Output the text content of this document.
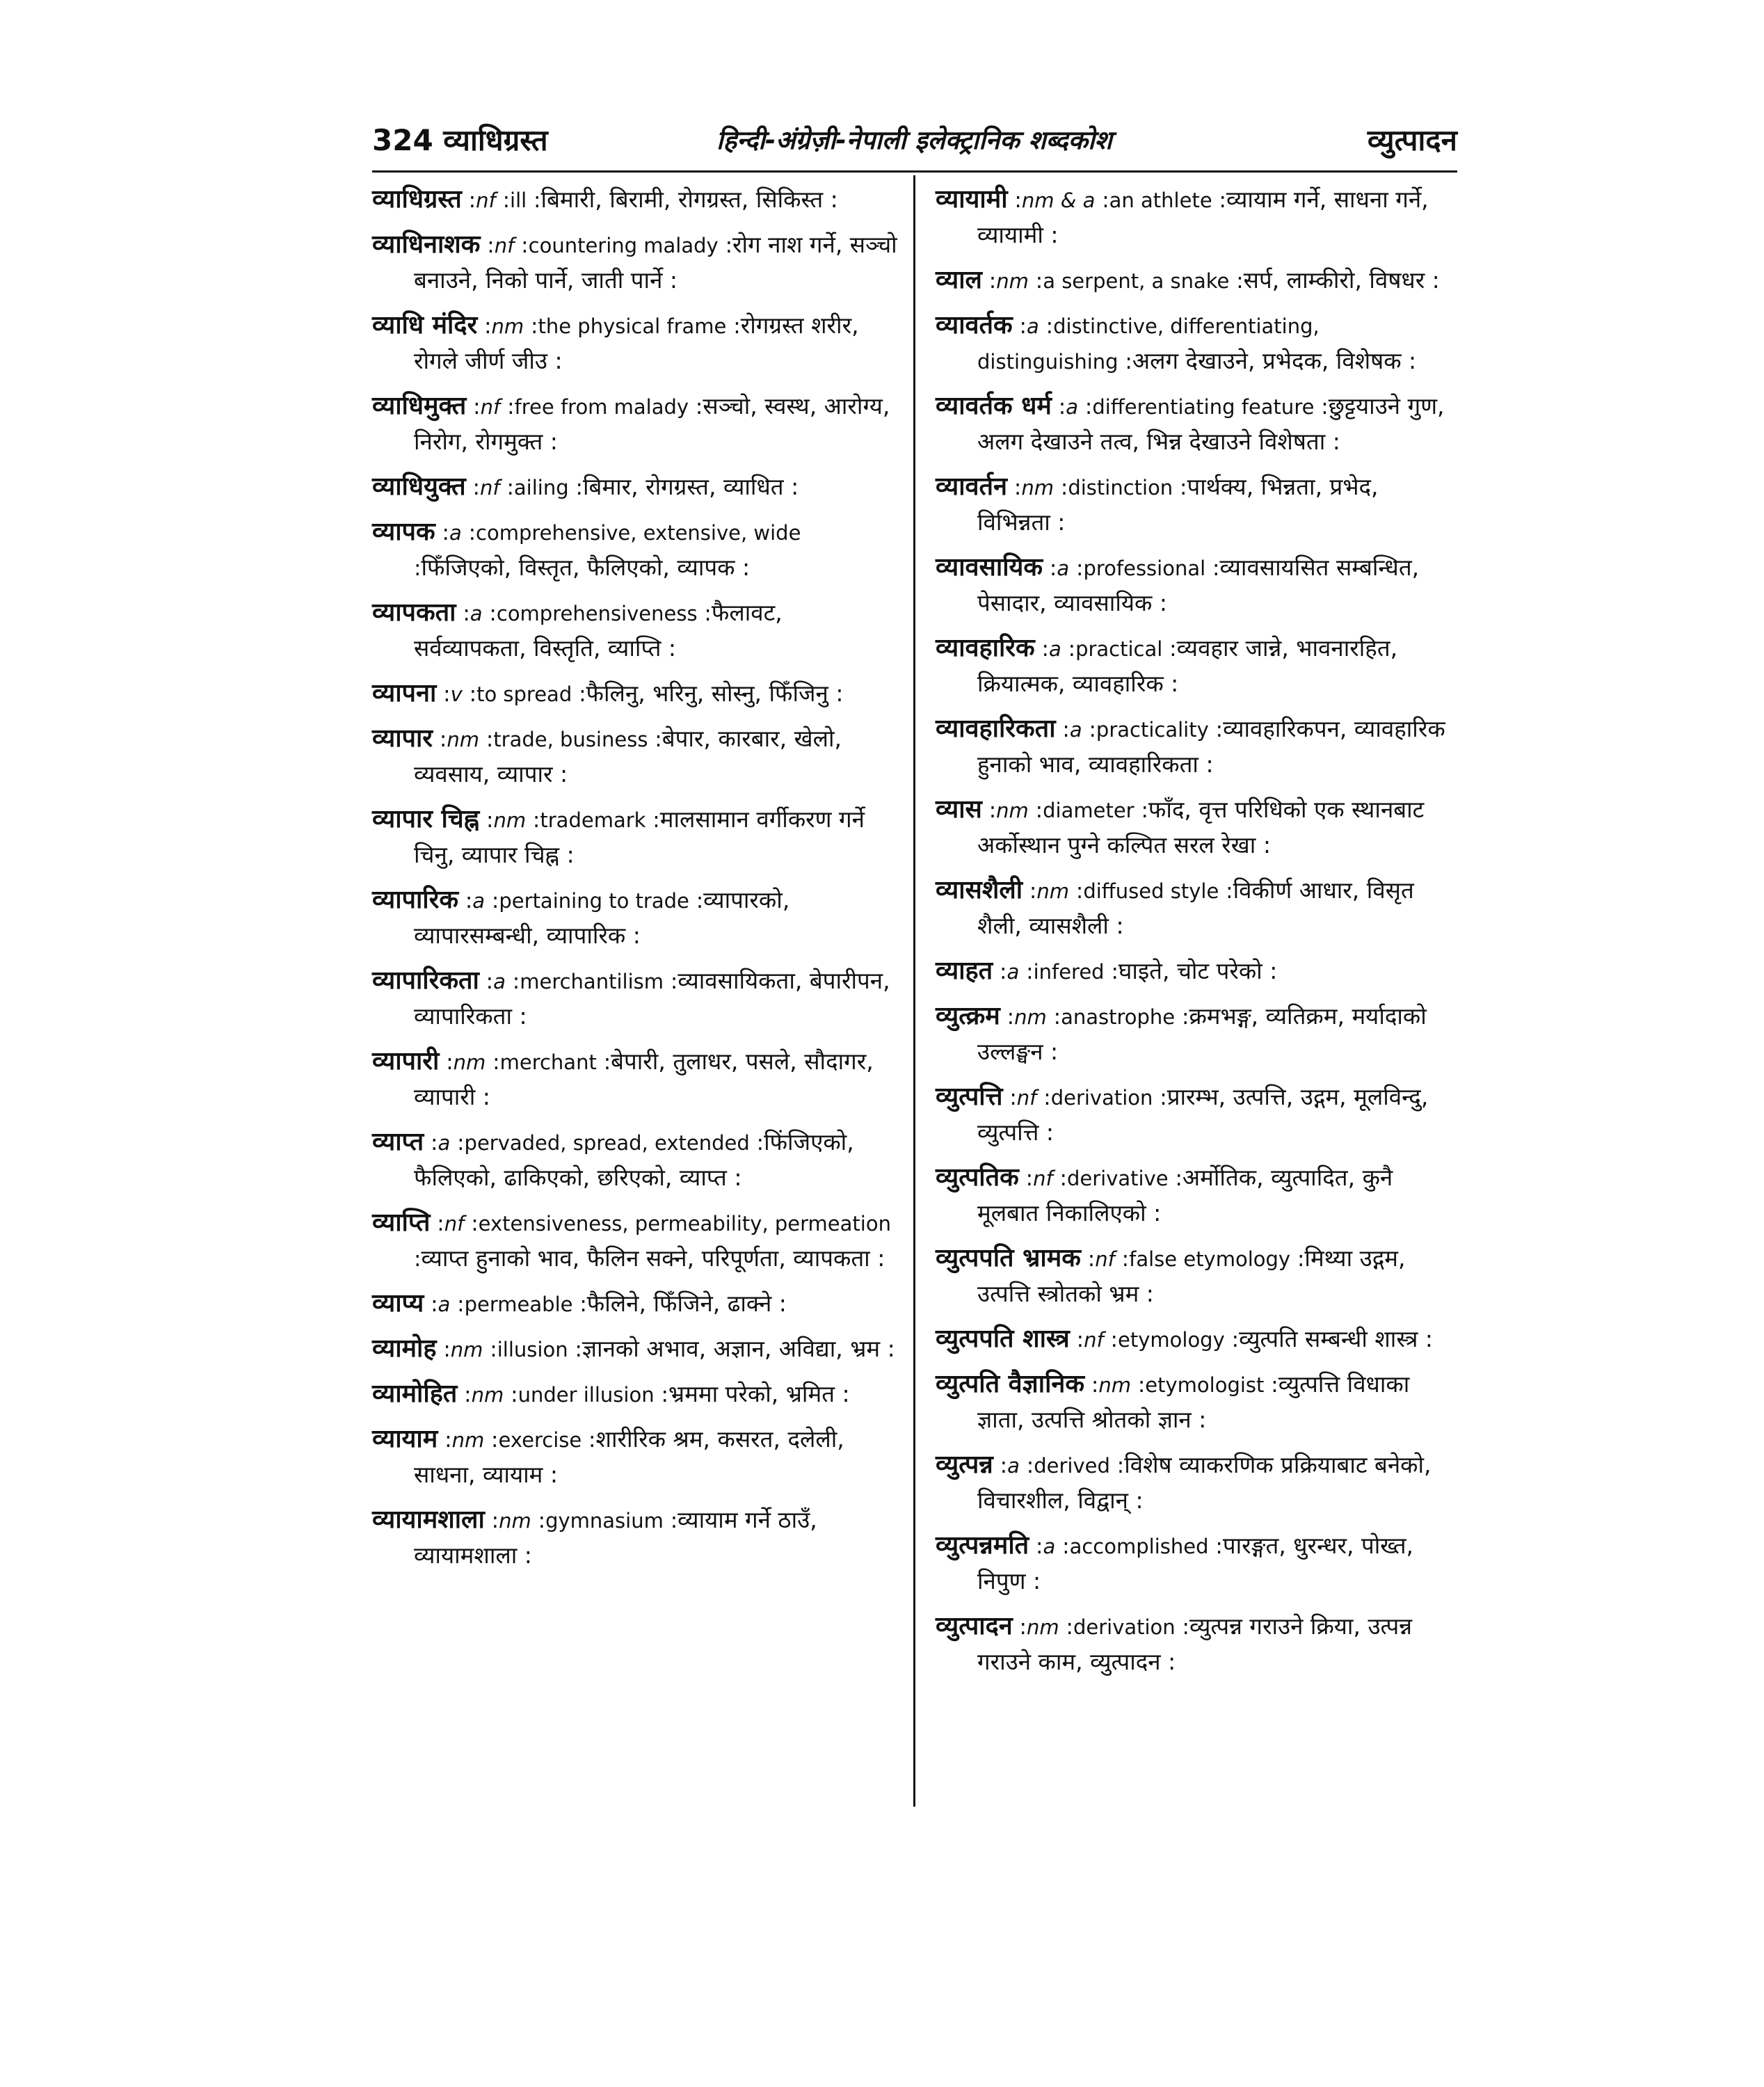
324 व्याधिग्रस्त	हिन्दी-अंग्रेज़ी-नेपाली इलेक्ट्रानिक शब्दकोश	व्युत्पादन
व्याधिग्रस्त :nf :ill :बिमारी, बिरामी, रोगग्रस्त, सिकिस्त :
व्याधिनाशक :nf :countering malady :रोग नाश गर्ने, सञ्चो बनाउने, निको पार्ने, जाती पार्ने :
व्याधि मंदिर :nm :the physical frame :रोगग्रस्त शरीर, रोगले जीर्ण जीउ :
व्याधिमुक्त :nf :free from malady :सञ्चो, स्वस्थ, आरोग्य, निरोग, रोगमुक्त :
व्याधियुक्त :nf :ailing :बिमार, रोगग्रस्त, व्याधित :
व्यापक :a :comprehensive, extensive, wide :फिँजिएको, विस्तृत, फैलिएको, व्यापक :
व्यापकता :a :comprehensiveness :फैलावट, सर्वव्यापकता, विस्तृति, व्याप्ति :
व्यापना :v :to spread :फैलिनु, भरिनु, सोस्नु, फिँजिनु :
व्यापार :nm :trade, business :बेपार, कारबार, खेलो, व्यवसाय, व्यापार :
व्यापार चिह्न :nm :trademark :मालसामान वर्गीकरण गर्ने चिनु, व्यापार चिह्न :
व्यापारिक :a :pertaining to trade :व्यापारको, व्यापारसम्बन्धी, व्यापारिक :
व्यापारिकता :a :merchantilism :व्यावसायिकता, बेपारीपन, व्यापारिकता :
व्यापारी :nm :merchant :बेपारी, तुलाधर, पसले, सौदागर, व्यापारी :
व्याप्त :a :pervaded, spread, extended :फिंजिएको, फैलिएको, ढाकिएको, छरिएको, व्याप्त :
व्याप्ति :nf :extensiveness, permeability, permeation :व्याप्त हुनाको भाव, फैलिन सक्ने, परिपूर्णता, व्यापकता :
व्याप्य :a :permeable :फैलिने, फिँजिने, ढाक्ने :
व्यामोह :nm :illusion :ज्ञानको अभाव, अज्ञान, अविद्या, भ्रम :
व्यामोहित :nm :under illusion :भ्रममा परेको, भ्रमित :
व्यायाम :nm :exercise :शारीरिक श्रम, कसरत, दलेली, साधना, व्यायाम :
व्यायामशाला :nm :gymnasium :व्यायाम गर्ने ठाउँ, व्यायामशाला :
व्यायामी :nm & a :an athlete :व्यायाम गर्ने, साधना गर्ने, व्यायामी :
व्याल :nm :a serpent, a snake :सर्प, लाम्कीरो, विषधर :
व्यावर्तक :a :distinctive, differentiating, distinguishing :अलग देखाउने, प्रभेदक, विशेषक :
व्यावर्तक धर्म :a :differentiating feature :छुट्टयाउने गुण, अलग देखाउने तत्व, भिन्न देखाउने विशेषता :
व्यावर्तन :nm :distinction :पार्थक्य, भिन्नता, प्रभेद, विभिन्नता :
व्यावसायिक :a :professional :व्यावसायसित सम्बन्धित, पेसादार, व्यावसायिक :
व्यावहारिक :a :practical :व्यवहार जान्ने, भावनारहित, क्रियात्मक, व्यावहारिक :
व्यावहारिकता :a :practicality :व्यावहारिकपन, व्यावहारिक हुनाको भाव, व्यावहारिकता :
व्यास :nm :diameter :फाँद, वृत्त परिधिको एक स्थानबाट अर्कोस्थान पुग्ने कल्पित सरल रेखा :
व्यासशैली :nm :diffused style :विकीर्ण आधार, विसृत शैली, व्यासशैली :
व्याहत :a :infered :घाइते, चोट परेको :
व्युत्क्रम :nm :anastrophe :क्रमभङ्ग, व्यतिक्रम, मर्यादाको उल्लङ्घन :
व्युत्पत्ति :nf :derivation :प्रारम्भ, उत्पत्ति, उद्गम, मूलविन्दु, व्युत्पत्ति :
व्युत्पतिक :nf :derivative :अर्मोतिक, व्युत्पादित, कुनै मूलबात निकालिएको :
व्युत्पपति भ्रामक :nf :false etymology :मिथ्या उद्गम, उत्पत्ति स्त्रोतको भ्रम :
व्युत्पपति शास्त्र :nf :etymology :व्युत्पति सम्बन्धी शास्त्र :
व्युत्पति वैज्ञानिक :nm :etymologist :व्युत्पत्ति विधाका ज्ञाता, उत्पत्ति श्रोतको ज्ञान :
व्युत्पन्न :a :derived :विशेष व्याकरणिक प्रक्रियाबाट बनेको, विचारशील, विद्वान् :
व्युत्पन्नमति :a :accomplished :पारङ्गत, धुरन्धर, पोख्त, निपुण :
व्युत्पादन :nm :derivation :व्युत्पन्न गराउने क्रिया, उत्पन्न गराउने काम, व्युत्पादन :
